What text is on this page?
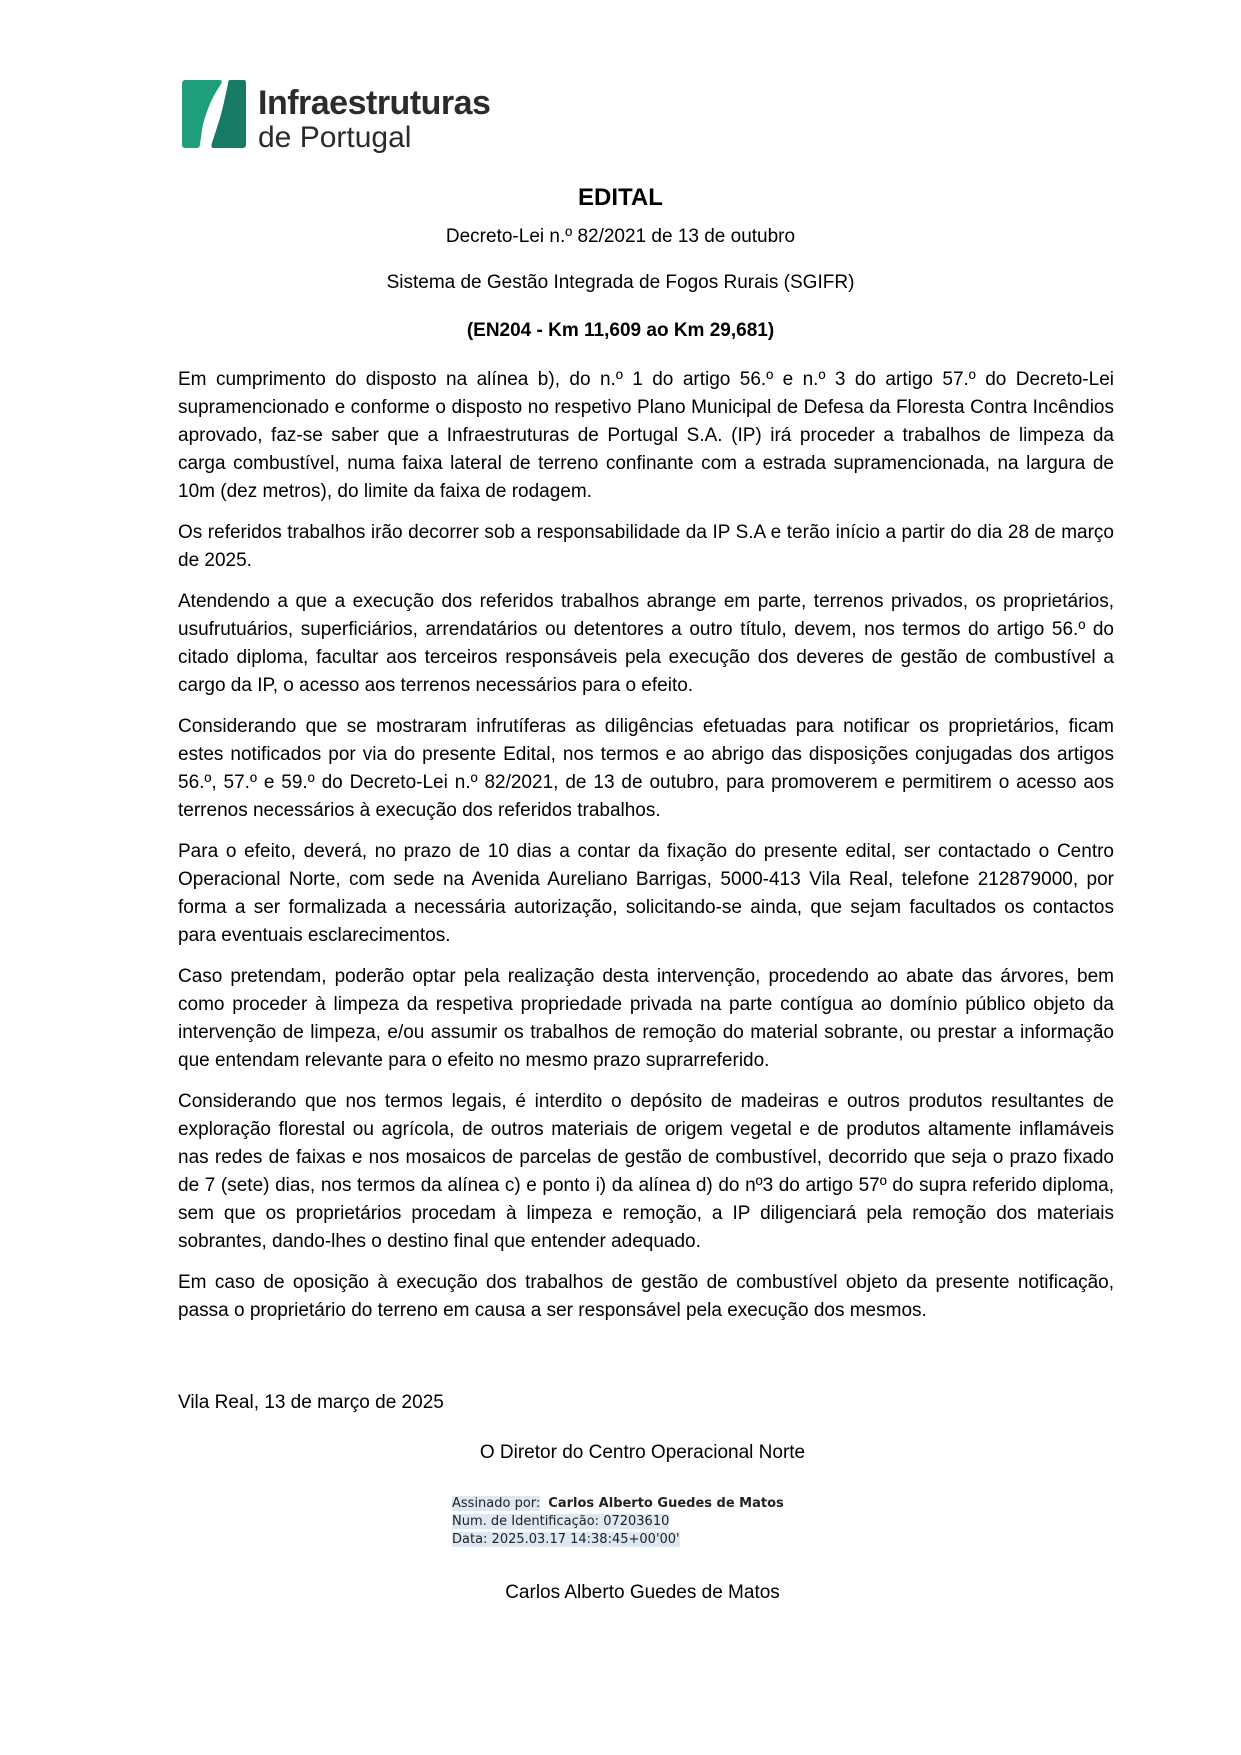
Infraestruturas
de Portugal
EDITAL
Decreto-Lei n.º 82/2021 de 13 de outubro
Sistema de Gestão Integrada de Fogos Rurais (SGIFR)
(EN204 - Km 11,609 ao Km 29,681)

Em cumprimento do disposto na alínea b), do n.º 1 do artigo 56.º e n.º 3 do artigo 57.º do Decreto-Lei supramencionado e conforme o disposto no respetivo Plano Municipal de Defesa da Floresta Contra Incêndios aprovado, faz-se saber que a Infraestruturas de Portugal S.A. (IP) irá proceder a trabalhos de limpeza da carga combustível, numa faixa lateral de terreno confinante com a estrada supramencionada, na largura de 10m (dez metros), do limite da faixa de rodagem.

Os referidos trabalhos irão decorrer sob a responsabilidade da IP S.A e terão início a partir do dia 28 de março de 2025.

Atendendo a que a execução dos referidos trabalhos abrange em parte, terrenos privados, os proprietários, usufrutuários, superficiários, arrendatários ou detentores a outro título, devem, nos termos do artigo 56.º do citado diploma, facultar aos terceiros responsáveis pela execução dos deveres de gestão de combustível a cargo da IP, o acesso aos terrenos necessários para o efeito.

Considerando que se mostraram infrutíferas as diligências efetuadas para notificar os proprietários, ficam estes notificados por via do presente Edital, nos termos e ao abrigo das disposições conjugadas dos artigos 56.º, 57.º e 59.º do Decreto-Lei n.º 82/2021, de 13 de outubro, para promoverem e permitirem o acesso aos terrenos necessários à execução dos referidos trabalhos.

Para o efeito, deverá, no prazo de 10 dias a contar da fixação do presente edital, ser contactado o Centro Operacional Norte, com sede na Avenida Aureliano Barrigas, 5000-413 Vila Real, telefone 212879000, por forma a ser formalizada a necessária autorização, solicitando-se ainda, que sejam facultados os contactos para eventuais esclarecimentos.

Caso pretendam, poderão optar pela realização desta intervenção, procedendo ao abate das árvores, bem como proceder à limpeza da respetiva propriedade privada na parte contígua ao domínio público objeto da intervenção de limpeza, e/ou assumir os trabalhos de remoção do material sobrante, ou prestar a informação que entendam relevante para o efeito no mesmo prazo suprarreferido.

Considerando que nos termos legais, é interdito o depósito de madeiras e outros produtos resultantes de exploração florestal ou agrícola, de outros materiais de origem vegetal e de produtos altamente inflamáveis nas redes de faixas e nos mosaicos de parcelas de gestão de combustível, decorrido que seja o prazo fixado de 7 (sete) dias, nos termos da alínea c) e ponto i) da alínea d) do nº3 do artigo 57º do supra referido diploma, sem que os proprietários procedam à limpeza e remoção, a IP diligenciará pela remoção dos materiais sobrantes, dando-lhes o destino final que entender adequado.

Em caso de oposição à execução dos trabalhos de gestão de combustível objeto da presente notificação, passa o proprietário do terreno em causa a ser responsável pela execução dos mesmos.

Vila Real, 13 de março de 2025
O Diretor do Centro Operacional Norte
Assinado por: Carlos Alberto Guedes de Matos
Num. de Identificação: 07203610
Data: 2025.03.17 14:38:45+00'00'
Carlos Alberto Guedes de Matos
